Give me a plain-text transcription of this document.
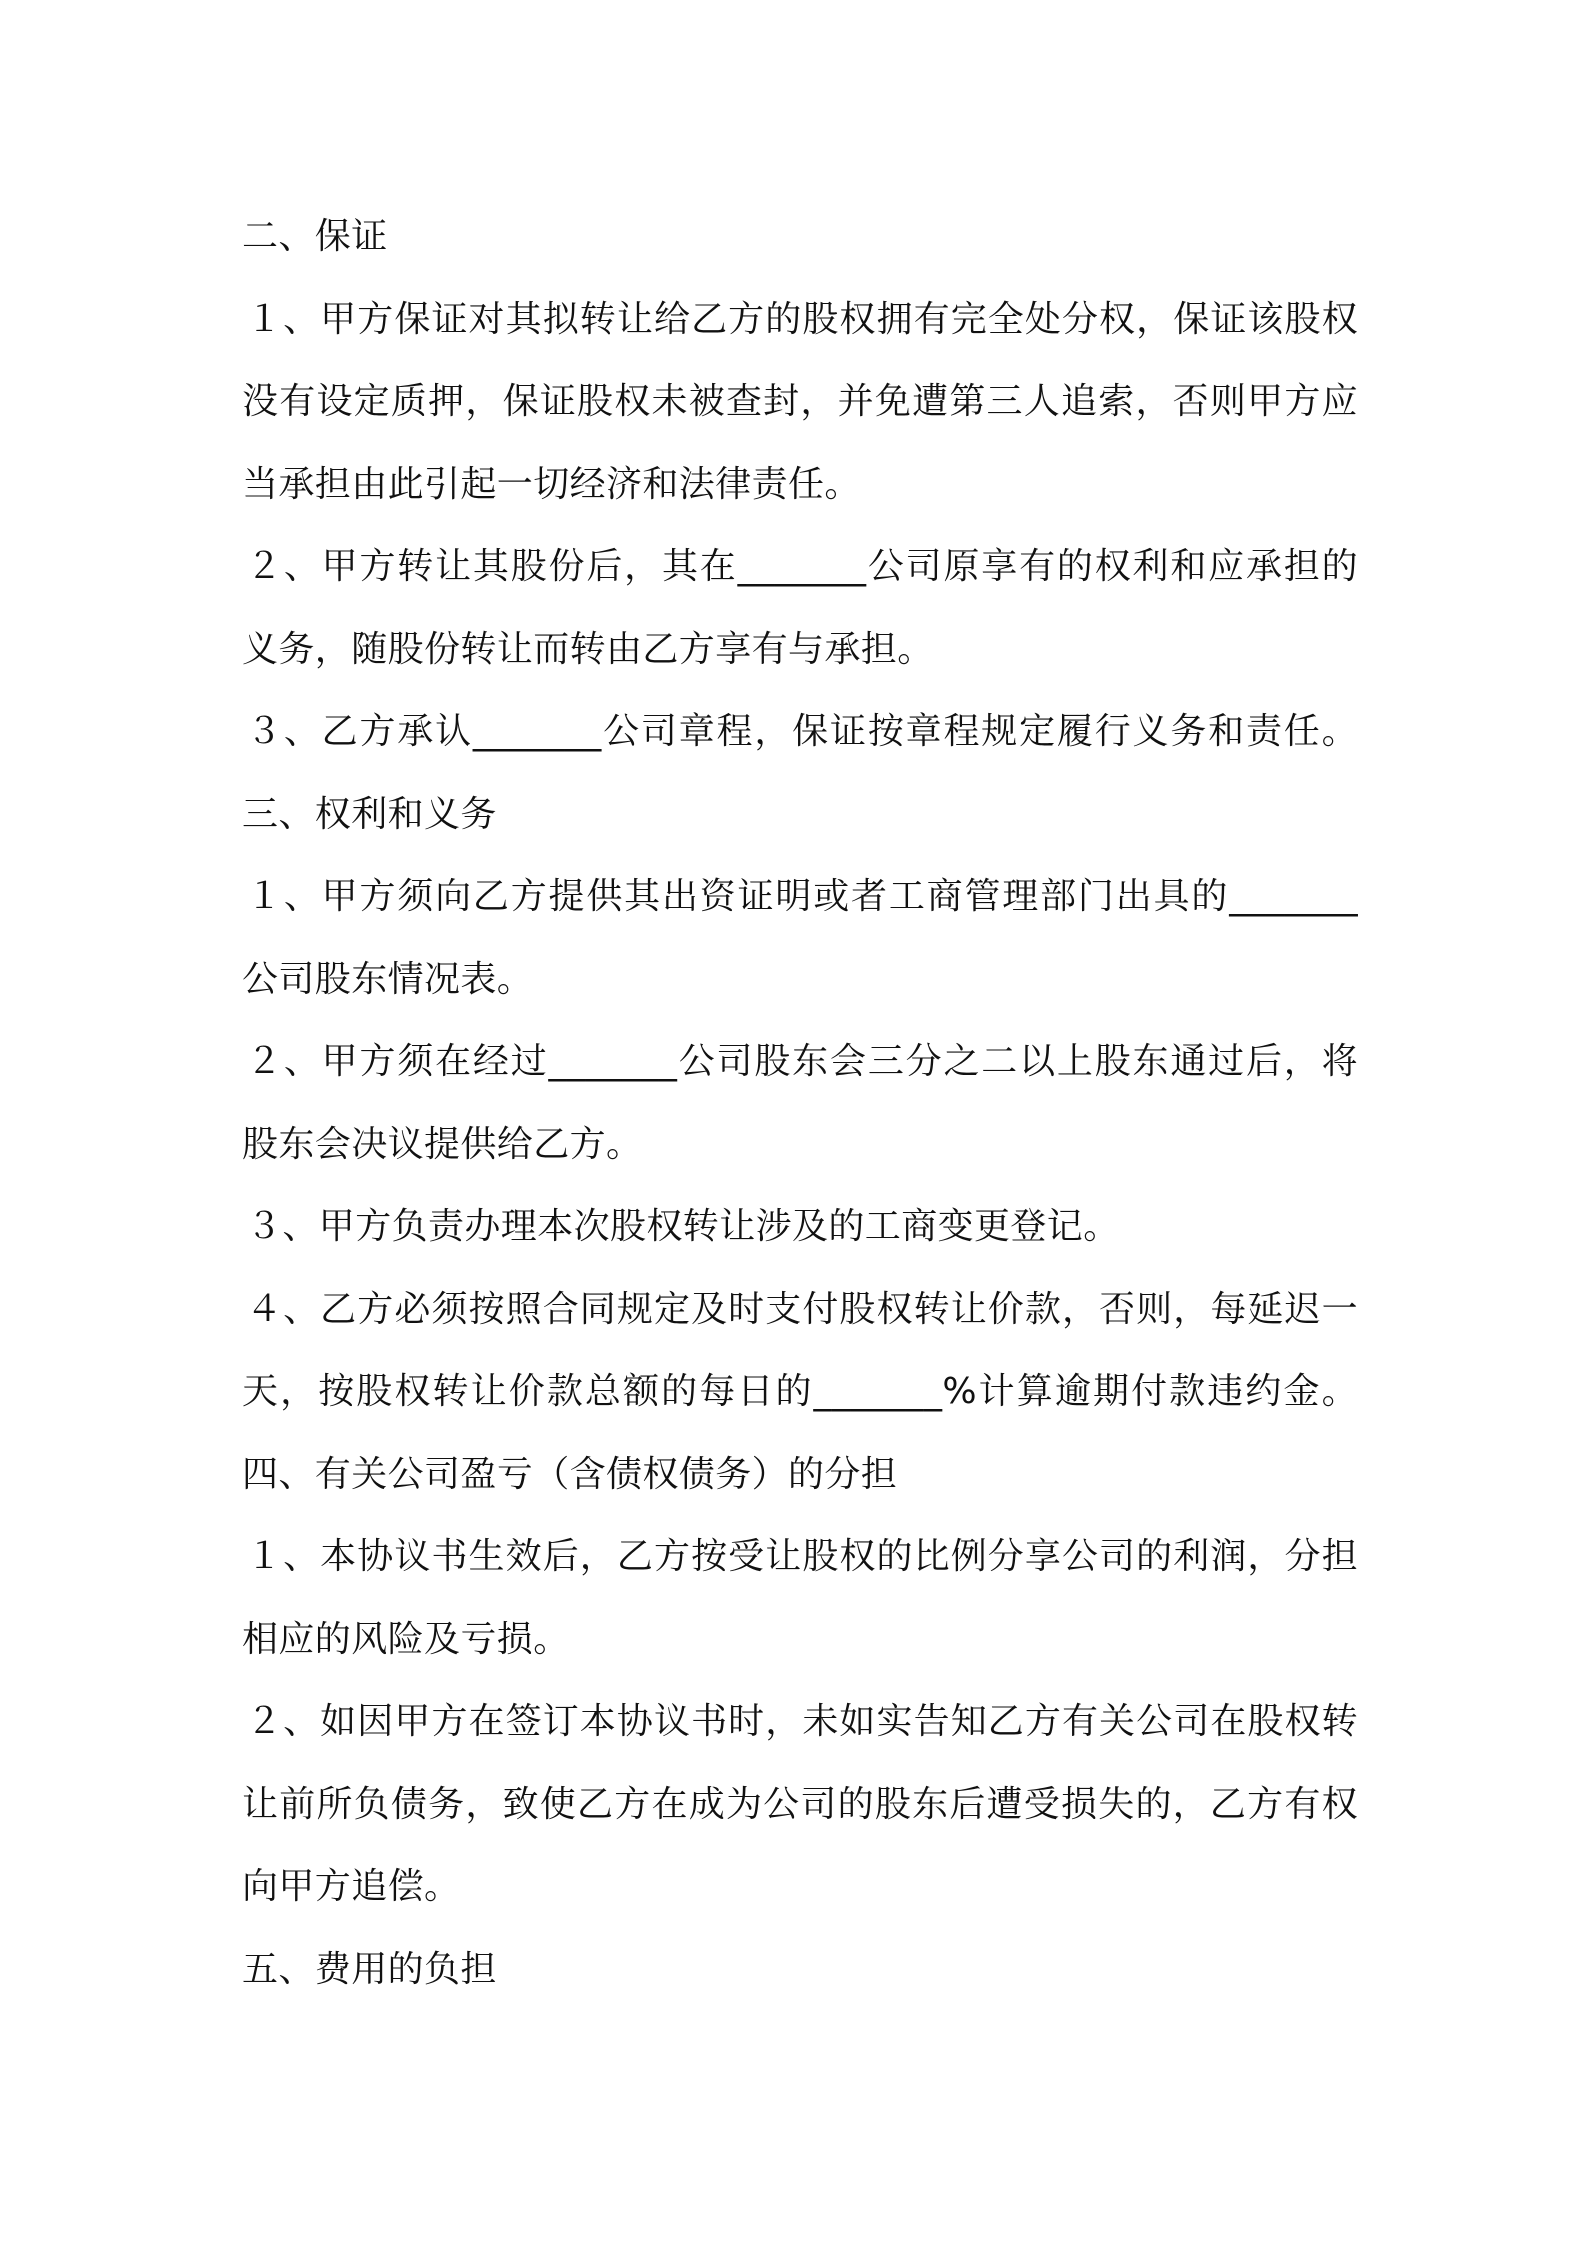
二、保证
１、甲方保证对其拟转让给乙方的股权拥有完全处分权，保证该股权
没有设定质押，保证股权未被查封，并免遭第三人追索，否则甲方应
当承担由此引起一切经济和法律责任。
２、甲方转让其股份后，其在_______公司原享有的权利和应承担的
义务，随股份转让而转由乙方享有与承担。
３、乙方承认_______公司章程，保证按章程规定履行义务和责任。
三、权利和义务
１、甲方须向乙方提供其出资证明或者工商管理部门出具的_______
公司股东情况表。
２、甲方须在经过_______公司股东会三分之二以上股东通过后，将
股东会决议提供给乙方。
３、甲方负责办理本次股权转让涉及的工商变更登记。
４、乙方必须按照合同规定及时支付股权转让价款，否则，每延迟一
天，按股权转让价款总额的每日的_______%计算逾期付款违约金。
四、有关公司盈亏（含债权债务）的分担
１、本协议书生效后，乙方按受让股权的比例分享公司的利润，分担
相应的风险及亏损。
２、如因甲方在签订本协议书时，未如实告知乙方有关公司在股权转
让前所负债务，致使乙方在成为公司的股东后遭受损失的，乙方有权
向甲方追偿。
五、费用的负担
